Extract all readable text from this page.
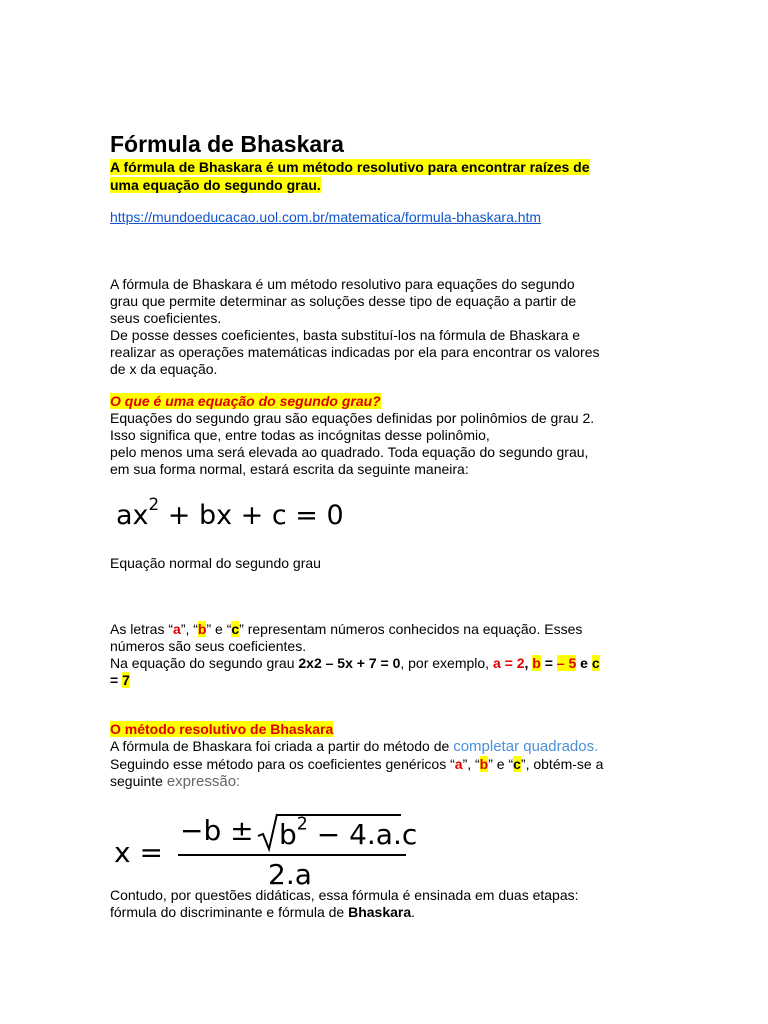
Fórmula de Bhaskara
A fórmula de Bhaskara é um método resolutivo para encontrar raízes de
uma equação do segundo grau.
https://mundoeducacao.uol.com.br/matematica/formula-bhaskara.htm
A fórmula de Bhaskara é um método resolutivo para equações do segundo
grau que permite determinar as soluções desse tipo de equação a partir de
seus coeficientes.
De posse desses coeficientes, basta substituí-los na fórmula de Bhaskara e
realizar as operações matemáticas indicadas por ela para encontrar os valores
de x da equação.
O que é uma equação do segundo grau?
Equações do segundo grau são equações definidas por polinômios de grau 2.
Isso significa que, entre todas as incógnitas desse polinômio,
pelo menos uma será elevada ao quadrado. Toda equação do segundo grau,
em sua forma normal, estará escrita da seguinte maneira:
$ax^2$ + bx + c = 0
Equação normal do segundo grau
As letras “a”, “b” e “c” representam números conhecidos na equação. Esses
números são seus coeficientes.
Na equação do segundo grau 2x2 – 5x + 7 = 0, por exemplo, a = 2, b = – 5 e c
= 7
O método resolutivo de Bhaskara
A fórmula de Bhaskara foi criada a partir do método de completar quadrados.
Seguindo esse método para os coeficientes genéricos “a”, “b” e “c”, obtém-se a
seguinte expressão:
x =
$-b \pm b^2 - 4.a.c$
2.a
Contudo, por questões didáticas, essa fórmula é ensinada em duas etapas:
fórmula do discriminante e fórmula de Bhaskara.
